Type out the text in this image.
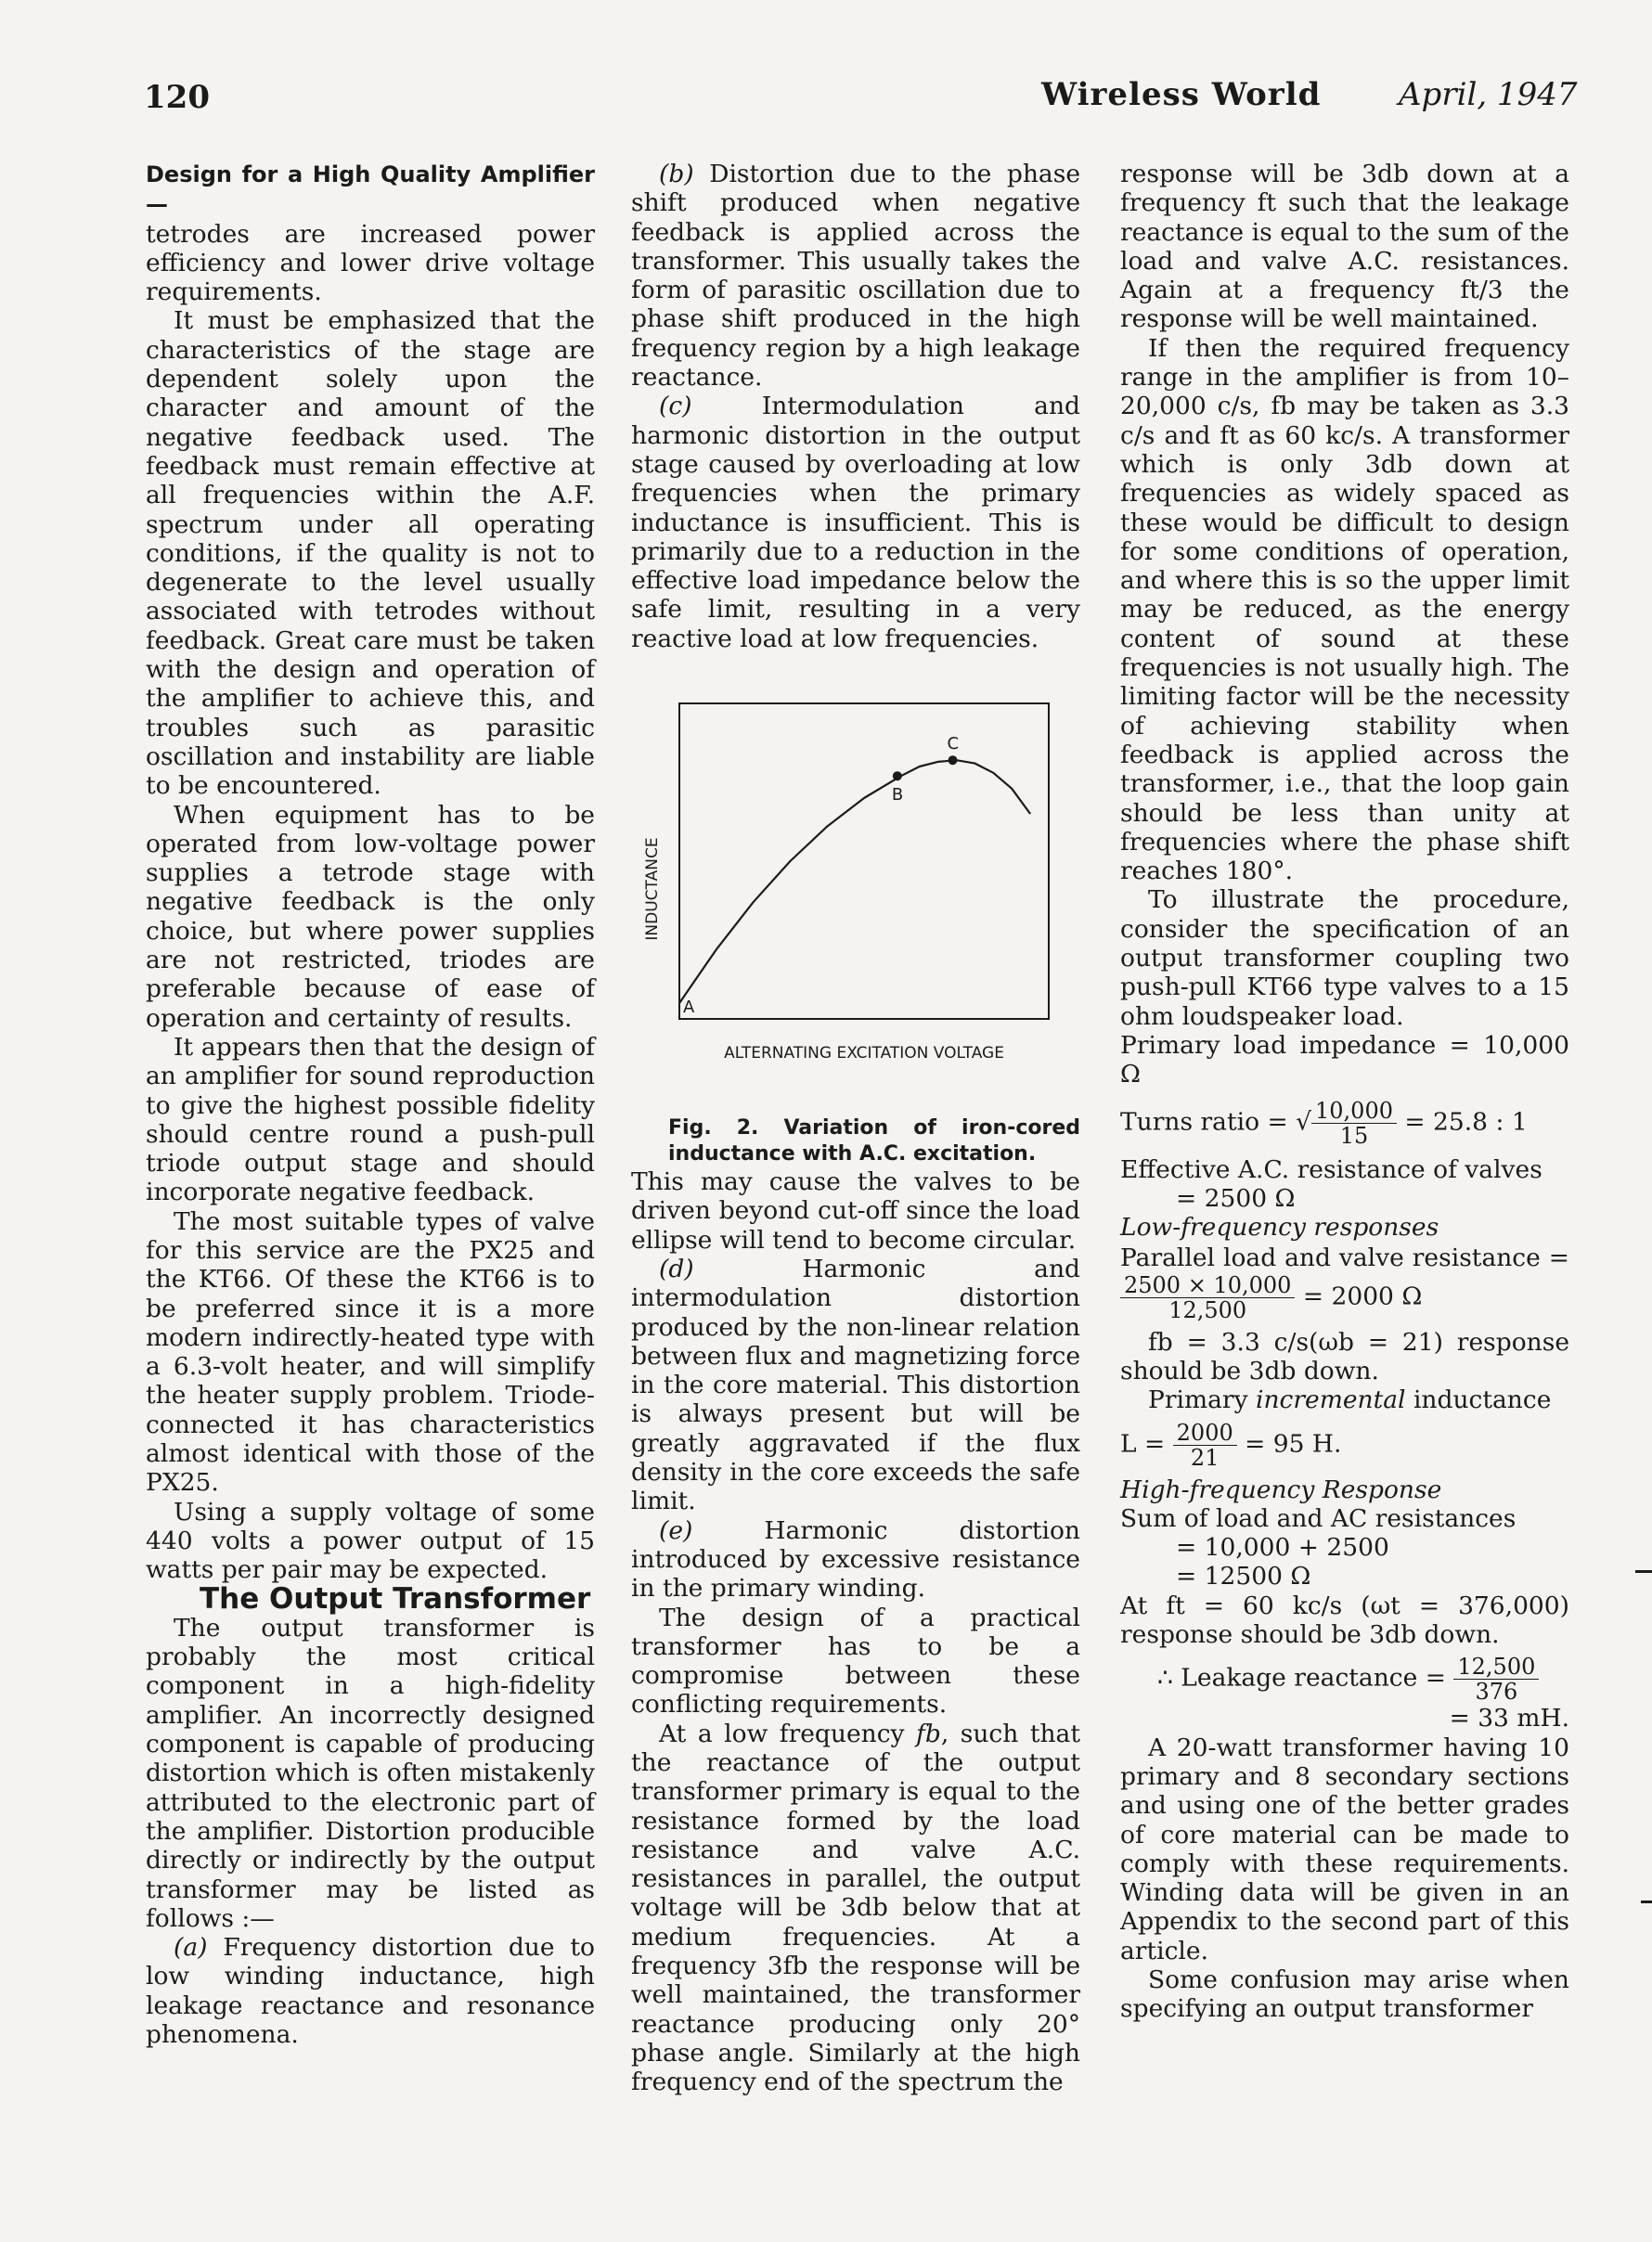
120	Wireless World April, 1947

Design for a High Quality Amplifier—
tetrodes are increased power efficiency and lower drive voltage requirements.

It must be emphasized that the characteristics of the stage are dependent solely upon the character and amount of the negative feedback used. The feedback must remain effective at all frequencies within the A.F. spectrum under all operating conditions, if the quality is not to degenerate to the level usually associated with tetrodes without feedback. Great care must be taken with the design and operation of the amplifier to achieve this, and troubles such as parasitic oscillation and instability are liable to be encountered.

When equipment has to be operated from low-voltage power supplies a tetrode stage with negative feedback is the only choice, but where power supplies are not restricted, triodes are preferable because of ease of operation and certainty of results.

It appears then that the design of an amplifier for sound reproduction to give the highest possible fidelity should centre round a push-pull triode output stage and should incorporate negative feedback.

The most suitable types of valve for this service are the PX25 and the KT66. Of these the KT66 is to be preferred since it is a more modern indirectly-heated type with a 6.3-volt heater, and will simplify the heater supply problem. Triode-connected it has characteristics almost identical with those of the PX25.

Using a supply voltage of some 440 volts a power output of 15 watts per pair may be expected.

The Output Transformer

The output transformer is probably the most critical component in a high-fidelity amplifier. An incorrectly designed component is capable of producing distortion which is often mistakenly attributed to the electronic part of the amplifier. Distortion producible directly or indirectly by the output transformer may be listed as follows :—

(a) Frequency distortion due to low winding inductance, high leakage reactance and resonance phenomena.

(b) Distortion due to the phase shift produced when negative feedback is applied across the transformer. This usually takes the form of parasitic oscillation due to phase shift produced in the high frequency region by a high leakage reactance.

(c) Intermodulation and harmonic distortion in the output stage caused by overloading at low frequencies when the primary inductance is insufficient. This is primarily due to a reduction in the effective load impedance below the safe limit, resulting in a very reactive load at low frequencies.

A
B
C
ALTERNATING EXCITATION VOLTAGE
INDUCTANCE

Fig. 2. Variation of iron-cored inductance with A.C. excitation.

This may cause the valves to be driven beyond cut-off since the load ellipse will tend to become circular.

(d) Harmonic and intermodulation distortion produced by the non-linear relation between flux and magnetizing force in the core material. This distortion is always present but will be greatly aggravated if the flux density in the core exceeds the safe limit.

(e) Harmonic distortion introduced by excessive resistance in the primary winding.

The design of a practical transformer has to be a compromise between these conflicting requirements.

At a low frequency fb, such that the reactance of the output transformer primary is equal to the resistance formed by the load resistance and valve A.C. resistances in parallel, the output voltage will be 3db below that at medium frequencies. At a frequency 3fb the response will be well maintained, the transformer reactance producing only 20° phase angle. Similarly at the high frequency end of the spectrum the

response will be 3db down at a frequency ft such that the leakage reactance is equal to the sum of the load and valve A.C. resistances. Again at a frequency ft/3 the response will be well maintained.

If then the required frequency range in the amplifier is from 10–20,000 c/s, fb may be taken as 3.3 c/s and ft as 60 kc/s. A transformer which is only 3db down at frequencies as widely spaced as these would be difficult to design for some conditions of operation, and where this is so the upper limit may be reduced, as the energy content of sound at these frequencies is not usually high. The limiting factor will be the necessity of achieving stability when feedback is applied across the transformer, i.e., that the loop gain should be less than unity at frequencies where the phase shift reaches 180°.

To illustrate the procedure, consider the specification of an output transformer coupling two push-pull KT66 type valves to a 15 ohm loudspeaker load.

Primary load impedance = 10,000 Ω

Turns ratio = √ $\frac{10,000}{15} = 25.8$ : 1

Effective A.C. resistance of valves

= 2500 Ω

Low-frequency responses

Parallel load and valve resistance =
$\frac{2500 \times 10,000}{12,500} = 2000$ Ω

fb = 3.3 c/s(ωb = 21) response should be 3db down.

Primary incremental inductance

$L = \frac{2000}{21} = 95$ H.

High-frequency Response

Sum of load and AC resistances

= 10,000 + 2500

= 12500 Ω

At ft = 60 kc/s (ωt = 376,000) response should be 3db down.

∴ Leakage reactance = $\frac{12,500}{376}$

= 33 mH.

A 20-watt transformer having 10 primary and 8 secondary sections and using one of the better grades of core material can be made to comply with these requirements. Winding data will be given in an Appendix to the second part of this article.

Some confusion may arise when specifying an output transformer
